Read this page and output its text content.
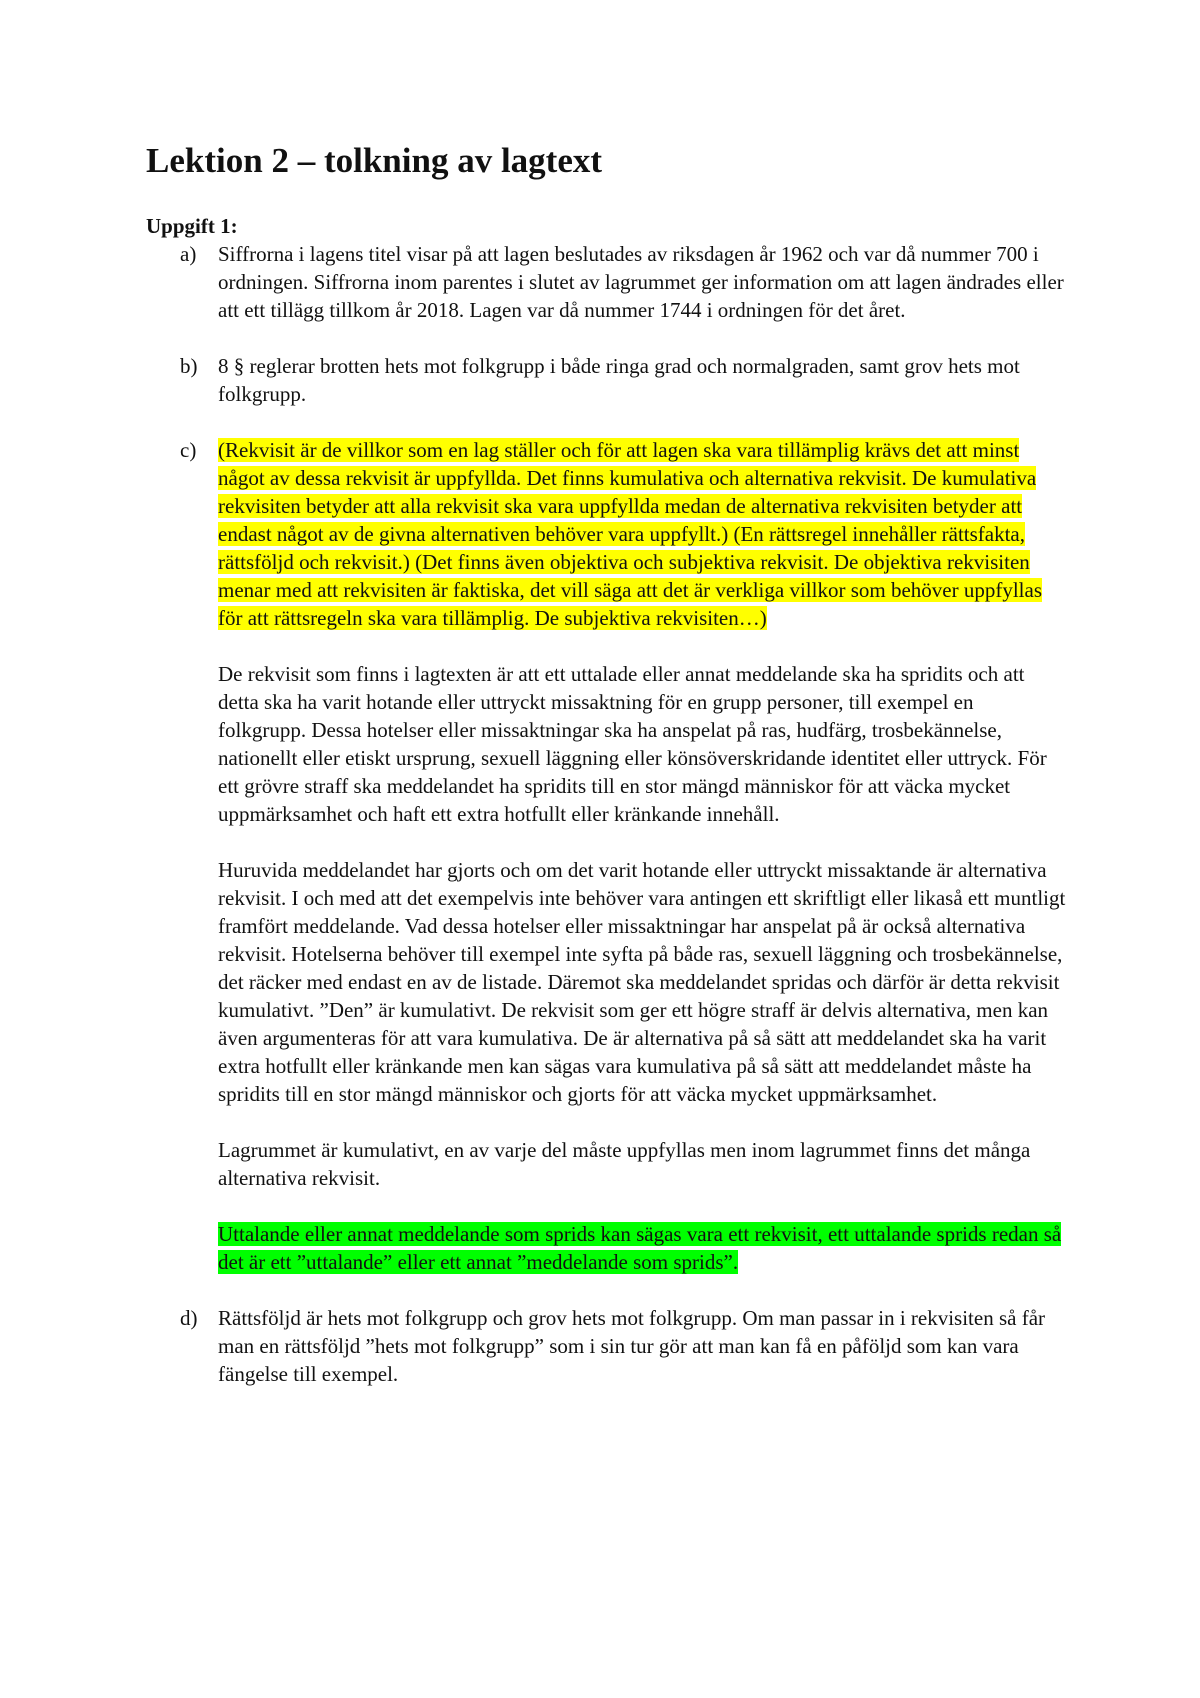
Lektion 2 – tolkning av lagtext

Uppgift 1:

a) Siffrorna i lagens titel visar på att lagen beslutades av riksdagen år 1962 och var då nummer 700 i ordningen. Siffrorna inom parentes i slutet av lagrummet ger information om att lagen ändrades eller att ett tillägg tillkom år 2018. Lagen var då nummer 1744 i ordningen för det året.

b) 8 § reglerar brotten hets mot folkgrupp i både ringa grad och normalgraden, samt grov hets mot folkgrupp.

c) (Rekvisit är de villkor som en lag ställer och för att lagen ska vara tillämplig krävs det att minst något av dessa rekvisit är uppfyllda. Det finns kumulativa och alternativa rekvisit. De kumulativa rekvisiten betyder att alla rekvisit ska vara uppfyllda medan de alternativa rekvisiten betyder att endast något av de givna alternativen behöver vara uppfyllt.) (En rättsregel innehåller rättsfakta, rättsföljd och rekvisit.) (Det finns även objektiva och subjektiva rekvisit. De objektiva rekvisiten menar med att rekvisiten är faktiska, det vill säga att det är verkliga villkor som behöver uppfyllas för att rättsregeln ska vara tillämplig. De subjektiva rekvisiten…)

De rekvisit som finns i lagtexten är att ett uttalade eller annat meddelande ska ha spridits och att detta ska ha varit hotande eller uttryckt missaktning för en grupp personer, till exempel en folkgrupp. Dessa hotelser eller missaktningar ska ha anspelat på ras, hudfärg, trosbekännelse, nationellt eller etiskt ursprung, sexuell läggning eller könsöverskridande identitet eller uttryck. För ett grövre straff ska meddelandet ha spridits till en stor mängd människor för att väcka mycket uppmärksamhet och haft ett extra hotfullt eller kränkande innehåll.

Huruvida meddelandet har gjorts och om det varit hotande eller uttryckt missaktande är alternativa rekvisit. I och med att det exempelvis inte behöver vara antingen ett skriftligt eller likaså ett muntligt framfört meddelande. Vad dessa hotelser eller missaktningar har anspelat på är också alternativa rekvisit. Hotelserna behöver till exempel inte syfta på både ras, sexuell läggning och trosbekännelse, det räcker med endast en av de listade. Däremot ska meddelandet spridas och därför är detta rekvisit kumulativt. ”Den” är kumulativt. De rekvisit som ger ett högre straff är delvis alternativa, men kan även argumenteras för att vara kumulativa. De är alternativa på så sätt att meddelandet ska ha varit extra hotfullt eller kränkande men kan sägas vara kumulativa på så sätt att meddelandet måste ha spridits till en stor mängd människor och gjorts för att väcka mycket uppmärksamhet.

Lagrummet är kumulativt, en av varje del måste uppfyllas men inom lagrummet finns det många alternativa rekvisit.

Uttalande eller annat meddelande som sprids kan sägas vara ett rekvisit, ett uttalande sprids redan så det är ett ”uttalande” eller ett annat ”meddelande som sprids”.

d) Rättsföljd är hets mot folkgrupp och grov hets mot folkgrupp. Om man passar in i rekvisiten så får man en rättsföljd ”hets mot folkgrupp” som i sin tur gör att man kan få en påföljd som kan vara fängelse till exempel.
